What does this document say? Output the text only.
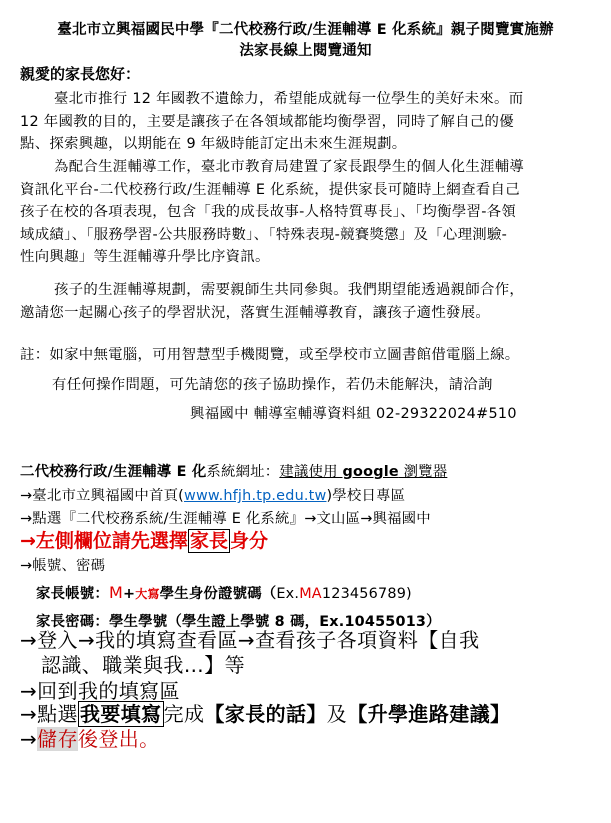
臺北市立興福國民中學『二代校務行政/生涯輔導 E 化系統』親子閱覽實施辦
法家長線上閱覽通知
親愛的家長您好：
臺北市推行 12 年國教不遺餘力，希望能成就每一位學生的美好未來。而
12 年國教的目的，主要是讓孩子在各領域都能均衡學習，同時了解自己的優
點、探索興趣，以期能在 9 年級時能訂定出未來生涯規劃。
為配合生涯輔導工作，臺北市教育局建置了家長跟學生的個人化生涯輔導
資訊化平台-二代校務行政/生涯輔導 E 化系統，提供家長可隨時上網查看自己
孩子在校的各項表現，包含「我的成長故事-人格特質專長」、「均衡學習-各領
域成績」、「服務學習-公共服務時數」、「特殊表現-競賽獎懲」及「心理測驗-
性向興趣」等生涯輔導升學比序資訊。
孩子的生涯輔導規劃，需要親師生共同參與。我們期望能透過親師合作，
邀請您一起關心孩子的學習狀況，落實生涯輔導教育，讓孩子適性發展。
註：如家中無電腦，可用智慧型手機閱覽，或至學校市立圖書館借電腦上線。
有任何操作問題，可先請您的孩子協助操作，若仍未能解決，請洽詢
興福國中 輔導室輔導資料組 02-29322024#510
二代校務行政/生涯輔導 E 化系統網址：建議使用 google 瀏覽器
→臺北市立興福國中首頁(www.hfjh.tp.edu.tw)學校日專區
→點選『二代校務系統/生涯輔導 E 化系統』→文山區→興福國中
→左側欄位請先選擇 家長 身分
→帳號、密碼
家長帳號：M+大寫學生身份證號碼（Ex.MA123456789)
家長密碼：學生學號（學生證上學號 8 碼，Ex.10455013）
→登入→我的填寫查看區→查看孩子各項資料【自我
認識、職業與我…】等
→回到我的填寫區
→點選 我要填寫 完成【家長的話】及【升學進路建議】
→儲存後登出。
